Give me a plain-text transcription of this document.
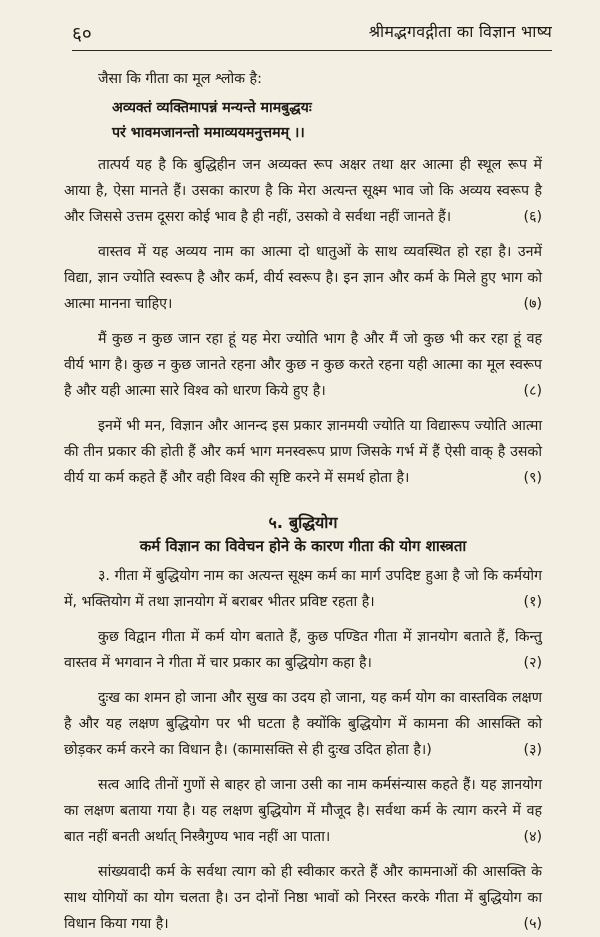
६०	श्रीमद्भगवद्गीता का विज्ञान भाष्य

जैसा कि गीता का मूल श्लोक है:

अव्यक्तं व्यक्तिमापन्नं मन्यन्ते मामबुद्धयः
परं भावमजानन्तो ममाव्ययमनुत्तमम् ।।

तात्पर्य यह है कि बुद्धिहीन जन अव्यक्त रूप अक्षर तथा क्षर आत्मा ही स्थूल रूप में आया है, ऐसा मानते हैं। उसका कारण है कि मेरा अत्यन्त सूक्ष्म भाव जो कि अव्यय स्वरूप है और जिससे उत्तम दूसरा कोई भाव है ही नहीं, उसको वे सर्वथा नहीं जानते हैं।	(६)

वास्तव में यह अव्यय नाम का आत्मा दो धातुओं के साथ व्यवस्थित हो रहा है। उनमें विद्या, ज्ञान ज्योति स्वरूप है और कर्म, वीर्य स्वरूप है। इन ज्ञान और कर्म के मिले हुए भाग को आत्मा मानना चाहिए।	(७)

मैं कुछ न कुछ जान रहा हूं यह मेरा ज्योति भाग है और मैं जो कुछ भी कर रहा हूं वह वीर्य भाग है। कुछ न कुछ जानते रहना और कुछ न कुछ करते रहना यही आत्मा का मूल स्वरूप है और यही आत्मा सारे विश्व को धारण किये हुए है।	(८)

इनमें भी मन, विज्ञान और आनन्द इस प्रकार ज्ञानमयी ज्योति या विद्यारूप ज्योति आत्मा की तीन प्रकार की होती हैं और कर्म भाग मनस्वरूप प्राण जिसके गर्भ में हैं ऐसी वाक् है उसको वीर्य या कर्म कहते हैं और वही विश्व की सृष्टि करने में समर्थ होता है।	(९)

५. बुद्धियोग
कर्म विज्ञान का विवेचन होने के कारण गीता की योग शास्त्रता

३. गीता में बुद्धियोग नाम का अत्यन्त सूक्ष्म कर्म का मार्ग उपदिष्ट हुआ है जो कि कर्मयोग में, भक्तियोग में तथा ज्ञानयोग में बराबर भीतर प्रविष्ट रहता है।	(१)

कुछ विद्वान गीता में कर्म योग बताते हैं, कुछ पण्डित गीता में ज्ञानयोग बताते हैं, किन्तु वास्तव में भगवान ने गीता में चार प्रकार का बुद्धियोग कहा है।	(२)

दुःख का शमन हो जाना और सुख का उदय हो जाना, यह कर्म योग का वास्तविक लक्षण है और यह लक्षण बुद्धियोग पर भी घटता है क्योंकि बुद्धियोग में कामना की आसक्ति को छोड़कर कर्म करने का विधान है। (कामासक्ति से ही दुःख उदित होता है।)	(३)

सत्व आदि तीनों गुणों से बाहर हो जाना उसी का नाम कर्मसंन्यास कहते हैं। यह ज्ञानयोग का लक्षण बताया गया है। यह लक्षण बुद्धियोग में मौजूद है। सर्वथा कर्म के त्याग करने में वह बात नहीं बनती अर्थात् निस्त्रैगुण्य भाव नहीं आ पाता।	(४)

सांख्यवादी कर्म के सर्वथा त्याग को ही स्वीकार करते हैं और कामनाओं की आसक्ति के साथ योगियों का योग चलता है। उन दोनों निष्ठा भावों को निरस्त करके गीता में बुद्धियोग का विधान किया गया है।	(५)
